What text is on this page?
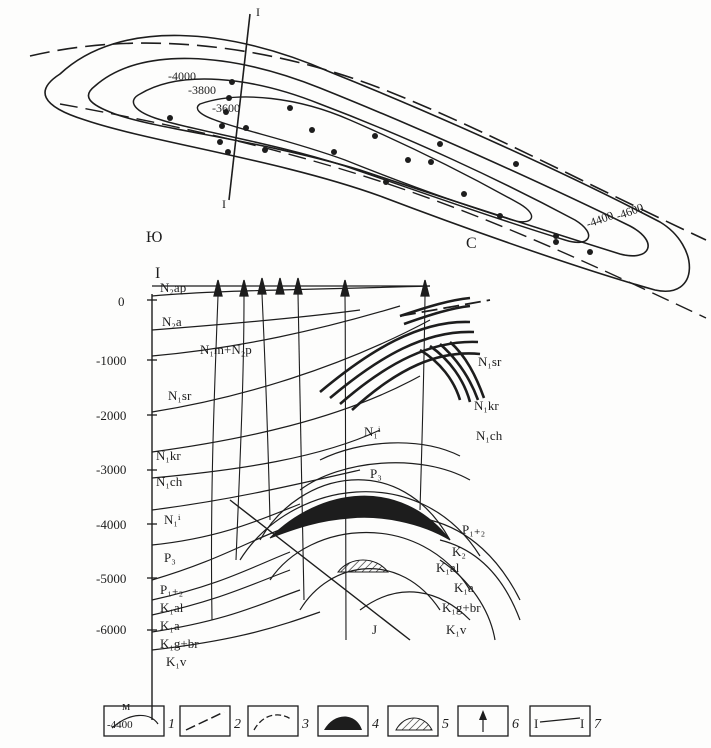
I
I
-4000
-3800
-3600
-4400
-4600
Ю	С
I
0
-1000
-2000
-3000
-4000
-5000
-6000
м
N₂ap
N₂a
N₁m+N₂p
N₁sr
N₁kr
N₁ch
N₁ⁱ
P₃
P₁₊₂
K₁al
K₁a
K₁g+br
K₁v
N₁sr
N₁kr
N₁ch
N₁ⁱ
P₃
P₁₊₂
K₂
K₁al
K₁a
K₁g+br
K₁v
J
-4400	1	2	3	4	5	6 I	I 7
